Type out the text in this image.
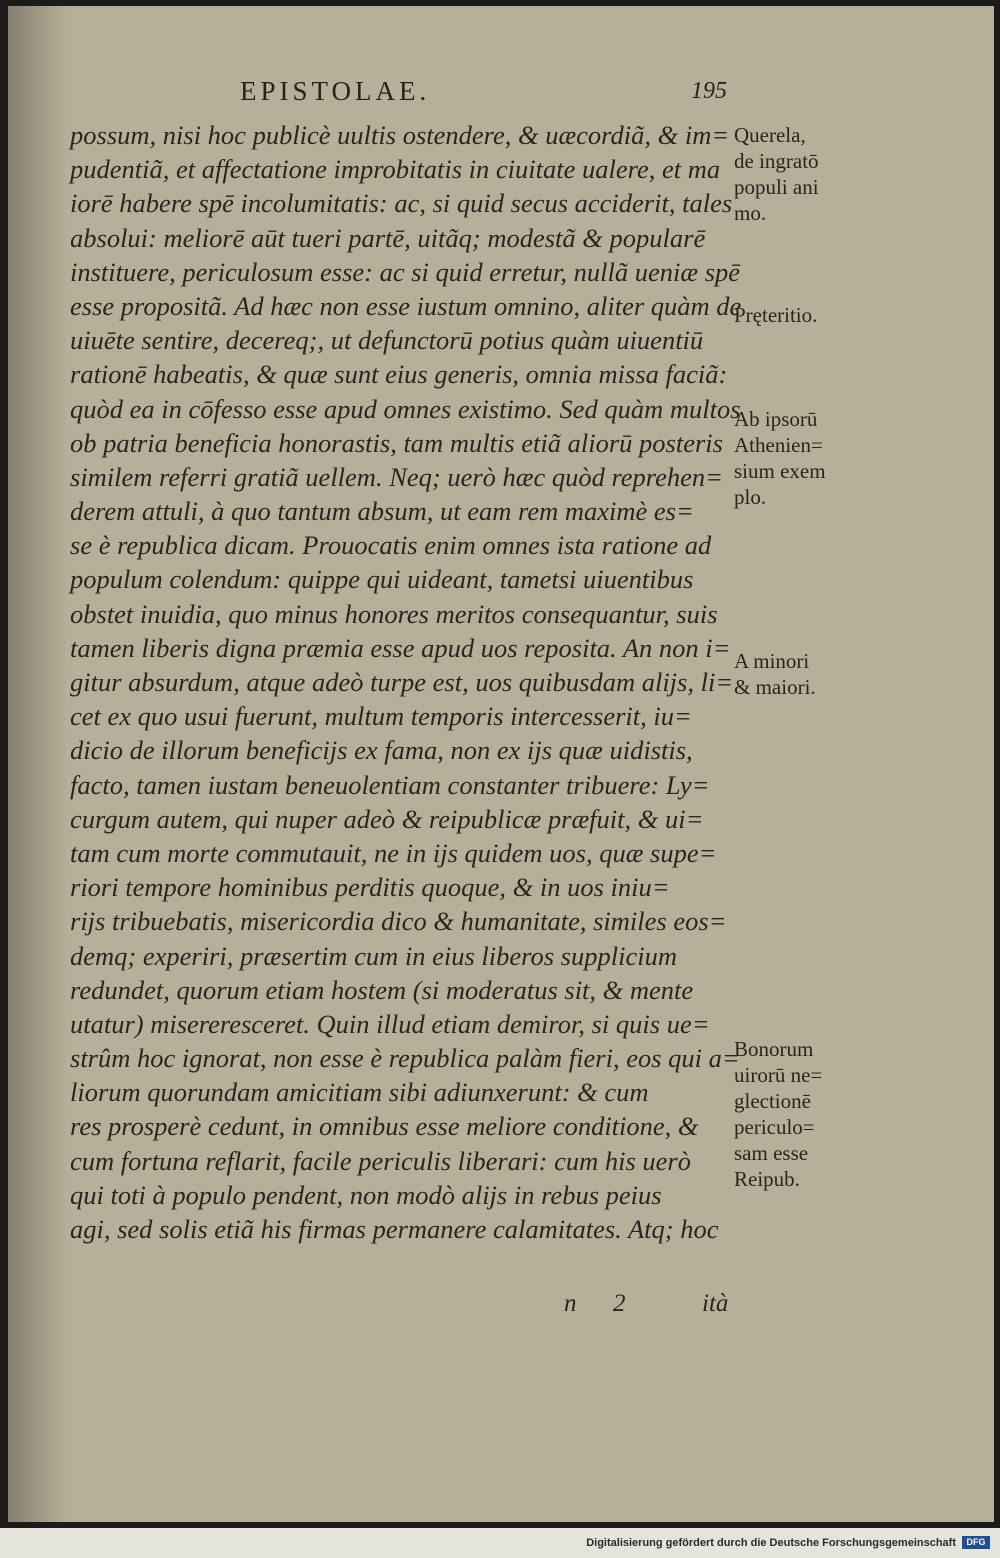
EPISTOLAE.	195
possum, nisi hoc publicè uultis ostendere, & uæcordiã, & im=
pudentiã, et affectatione improbitatis in ciuitate ualere, et ma
iorē habere spē incolumitatis: ac, si quid secus acciderit, tales
absolui: meliorē aūt tueri partē, uitãq; modestã & popularē
instituere, periculosum esse: ac si quid erretur, nullã ueniæ spē
esse propositã. Ad hæc non esse iustum omnino, aliter quàm de
uiuēte sentire, decereq;, ut defunctorū potius quàm uiuentiū
rationē habeatis, & quæ sunt eius generis, omnia missa faciã:
quòd ea in cōfesso esse apud omnes existimo. Sed quàm multos
ob patria beneficia honorastis, tam multis etiã aliorū posteris
similem referri gratiã uellem. Neq; uerò hæc quòd reprehen=
derem attuli, à quo tantum absum, ut eam rem maximè es=
se è republica dicam. Prouocatis enim omnes ista ratione ad
populum colendum: quippe qui uideant, tametsi uiuentibus
obstet inuidia, quo minus honores meritos consequantur, suis
tamen liberis digna præmia esse apud uos reposita. An non i=
gitur absurdum, atque adeò turpe est, uos quibusdam alijs, li=
cet ex quo usui fuerunt, multum temporis intercesserit, iu=
dicio de illorum beneficijs ex fama, non ex ijs quæ uidistis,
facto, tamen iustam beneuolentiam constanter tribuere: Ly=
curgum autem, qui nuper adeò & reipublicæ præfuit, & ui=
tam cum morte commutauit, ne in ijs quidem uos, quæ supe=
riori tempore hominibus perditis quoque, & in uos iniu=
rijs tribuebatis, misericordia dico & humanitate, similes eos=
demq; experiri, præsertim cum in eius liberos supplicium
redundet, quorum etiam hostem (si moderatus sit, & mente
utatur) misereresceret. Quin illud etiam demiror, si quis ue=
strûm hoc ignorat, non esse è republica palàm fieri, eos qui a=
liorum quorundam amicitiam sibi adiunxerunt: & cum
res prosperè cedunt, in omnibus esse meliore conditione, &
cum fortuna reflarit, facile periculis liberari: cum his uerò
qui toti à populo pendent, non modò alijs in rebus peius
agi, sed solis etiã his firmas permanere calamitates. Atq; hoc
n 2	ità
Querela,
de ingratō
populi ani
mo.
Pręteritio.
Ab ipsorū
Athenien=
sium exem
plo.
A minori
& maiori.
Bonorum
uirorū ne=
glectionē
periculo=
sam esse
Reipub.
Digitalisierung gefördert durch die Deutsche Forschungsgemeinschaft	DFG
